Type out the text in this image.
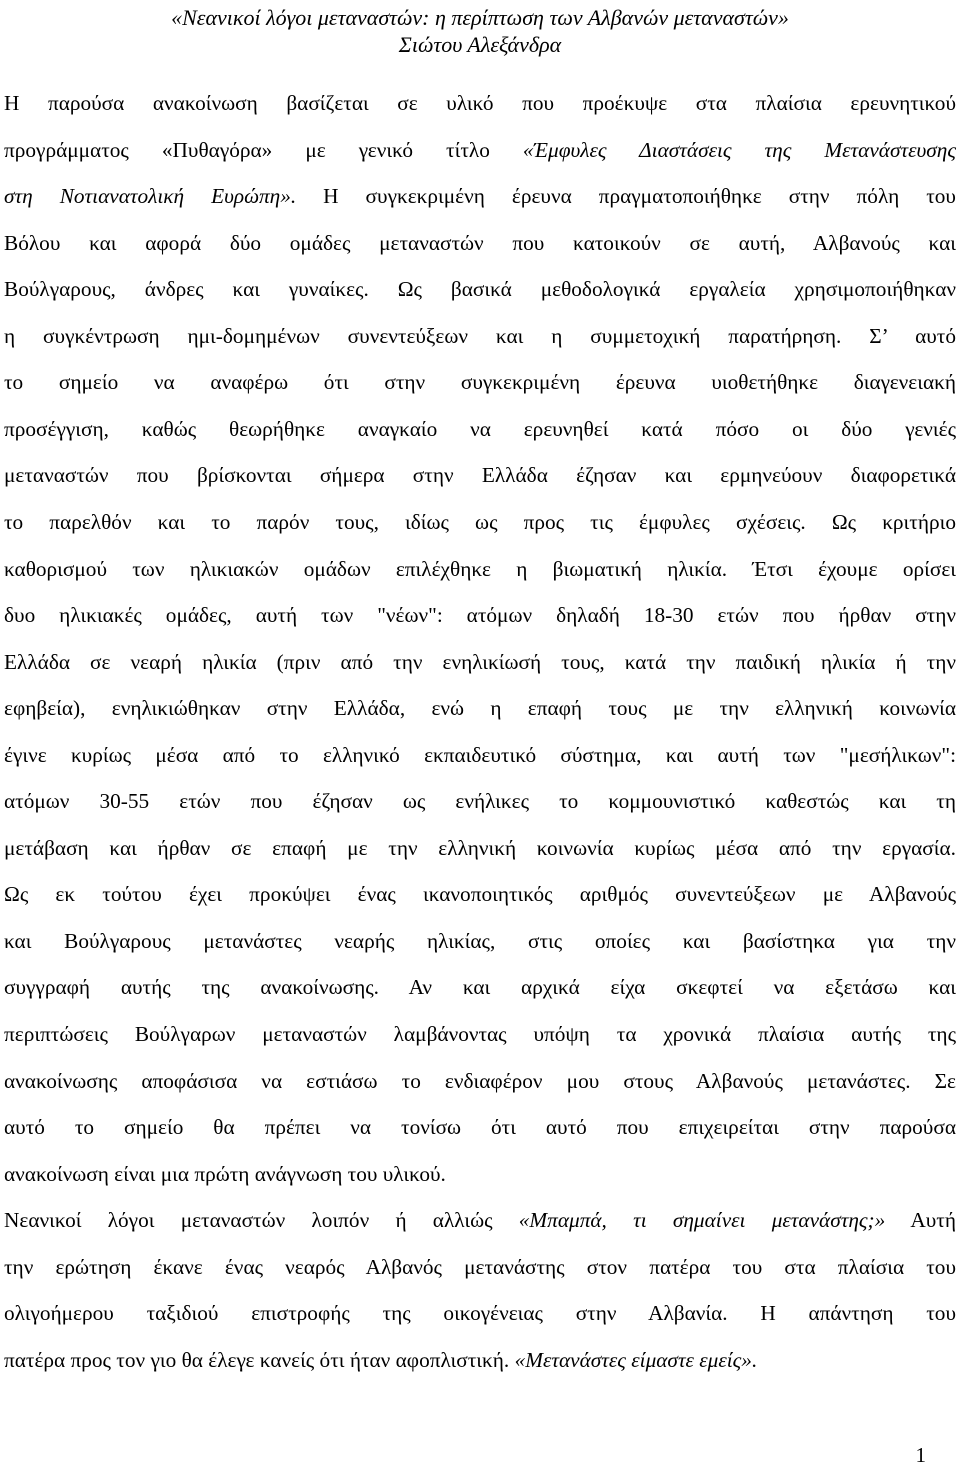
«Νεανικοί λόγοι μεταναστών: η περίπτωση των Αλβανών μεταναστών»
Σιώτου Αλεξάνδρα
Η παρούσα ανακοίνωση βασίζεται σε υλικό που προέκυψε στα πλαίσια ερευνητικού
προγράμματος «Πυθαγόρα» με γενικό τίτλο «Έμφυλες Διαστάσεις της Μετανάστευσης
στη Νοτιανατολική Ευρώπη». Η συγκεκριμένη έρευνα πραγματοποιήθηκε στην πόλη του
Βόλου και αφορά δύο ομάδες μεταναστών που κατοικούν σε αυτή, Αλβανούς και
Βούλγαρους, άνδρες και γυναίκες. Ως βασικά μεθοδολογικά εργαλεία χρησιμοποιήθηκαν
η συγκέντρωση ημι-δομημένων συνεντεύξεων και η συμμετοχική παρατήρηση. Σ’ αυτό
το σημείο να αναφέρω ότι στην συγκεκριμένη έρευνα υιοθετήθηκε διαγενειακή
προσέγγιση, καθώς θεωρήθηκε αναγκαίο να ερευνηθεί κατά πόσο οι δύο γενιές
μεταναστών που βρίσκονται σήμερα στην Ελλάδα έζησαν και ερμηνεύουν διαφορετικά
το παρελθόν και το παρόν τους, ιδίως ως προς τις έμφυλες σχέσεις. Ως κριτήριο
καθορισμού των ηλικιακών ομάδων επιλέχθηκε η βιωματική ηλικία. Έτσι έχουμε ορίσει
δυο ηλικιακές ομάδες, αυτή των "νέων": ατόμων δηλαδή 18-30 ετών που ήρθαν στην
Ελλάδα σε νεαρή ηλικία (πριν από την ενηλικίωσή τους, κατά την παιδική ηλικία ή την
εφηβεία), ενηλικιώθηκαν στην Ελλάδα, ενώ η επαφή τους με την ελληνική κοινωνία
έγινε κυρίως μέσα από το ελληνικό εκπαιδευτικό σύστημα, και αυτή των "μεσήλικων":
ατόμων 30-55 ετών που έζησαν ως ενήλικες το κομμουνιστικό καθεστώς και τη
μετάβαση και ήρθαν σε επαφή με την ελληνική κοινωνία κυρίως μέσα από την εργασία.
Ως εκ τούτου έχει προκύψει ένας ικανοποιητικός αριθμός συνεντεύξεων με Αλβανούς
και Βούλγαρους μετανάστες νεαρής ηλικίας, στις οποίες και βασίστηκα για την
συγγραφή αυτής της ανακοίνωσης. Αν και αρχικά είχα σκεφτεί να εξετάσω και
περιπτώσεις Βούλγαρων μεταναστών λαμβάνοντας υπόψη τα χρονικά πλαίσια αυτής της
ανακοίνωσης αποφάσισα να εστιάσω το ενδιαφέρον μου στους Αλβανούς μετανάστες. Σε
αυτό το σημείο θα πρέπει να τονίσω ότι αυτό που επιχειρείται στην παρούσα
ανακοίνωση είναι μια πρώτη ανάγνωση του υλικού.
Νεανικοί λόγοι μεταναστών λοιπόν ή αλλιώς «Μπαμπά, τι σημαίνει μετανάστης;» Αυτή
την ερώτηση έκανε ένας νεαρός Αλβανός μετανάστης στον πατέρα του στα πλαίσια του
ολιγοήμερου ταξιδιού επιστροφής της οικογένειας στην Αλβανία. Η απάντηση του
πατέρα προς τον γιο θα έλεγε κανείς ότι ήταν αφοπλιστική. «Μετανάστες είμαστε εμείς».
1
